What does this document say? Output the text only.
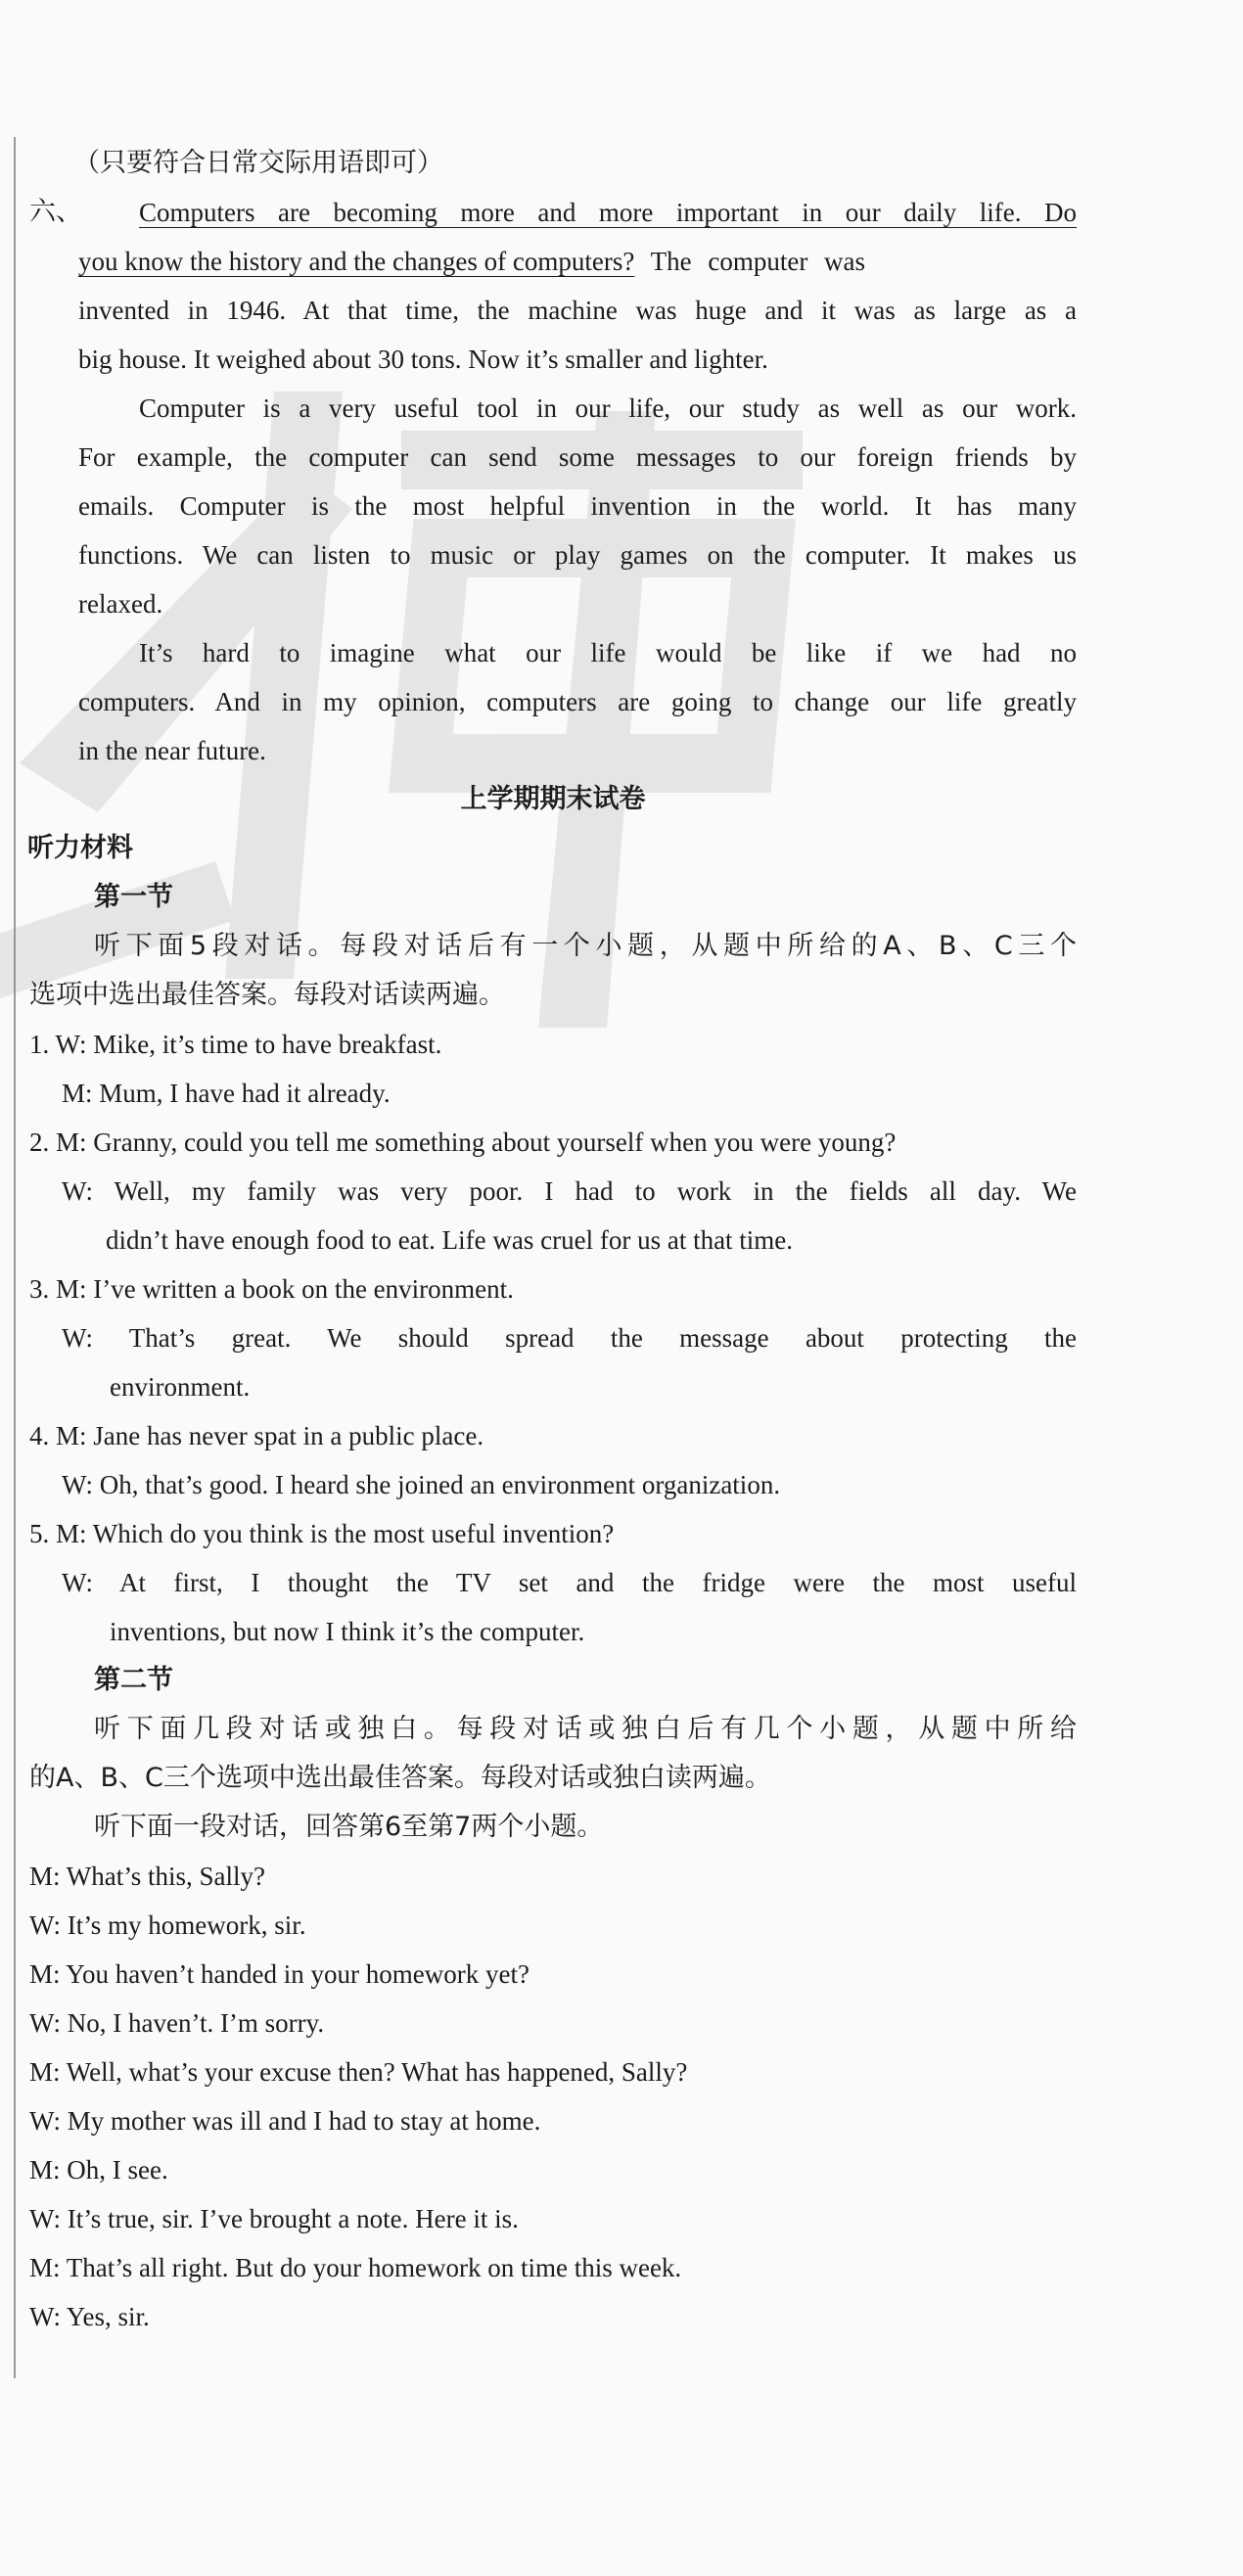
（只要符合日常交际用语即可）
六、	Computers are becoming more and more important in our daily life. Do
you know the history and the changes of computers? The computer was
invented in 1946. At that time, the machine was huge and it was as large as a
big house. It weighed about 30 tons. Now it’s smaller and lighter.
Computer is a very useful tool in our life, our study as well as our work.
For example, the computer can send some messages to our foreign friends by
emails. Computer is the most helpful invention in the world. It has many
functions. We can listen to music or play games on the computer. It makes us
relaxed.
It’s hard to imagine what our life would be like if we had no
computers. And in my opinion, computers are going to change our life greatly
in the near future.
上学期期末试卷
听力材料
第一节
听下面5段对话。每段对话后有一个小题，从题中所给的A、B、C三个
选项中选出最佳答案。每段对话读两遍。
1. W: Mike, it’s time to have breakfast.
M: Mum, I have had it already.
2. M: Granny, could you tell me something about yourself when you were young?
W: Well, my family was very poor. I had to work in the fields all day. We
didn’t have enough food to eat. Life was cruel for us at that time.
3. M: I’ve written a book on the environment.
W: That’s great. We should spread the message about protecting the
environment.
4. M: Jane has never spat in a public place.
W: Oh, that’s good. I heard she joined an environment organization.
5. M: Which do you think is the most useful invention?
W: At first, I thought the TV set and the fridge were the most useful
inventions, but now I think it’s the computer.
第二节
听下面几段对话或独白。每段对话或独白后有几个小题，从题中所给
的A、B、C三个选项中选出最佳答案。每段对话或独白读两遍。
听下面一段对话，回答第6至第7两个小题。
M: What’s this, Sally?
W: It’s my homework, sir.
M: You haven’t handed in your homework yet?
W: No, I haven’t. I’m sorry.
M: Well, what’s your excuse then? What has happened, Sally?
W: My mother was ill and I had to stay at home.
M: Oh, I see.
W: It’s true, sir. I’ve brought a note. Here it is.
M: That’s all right. But do your homework on time this week.
W: Yes, sir.
